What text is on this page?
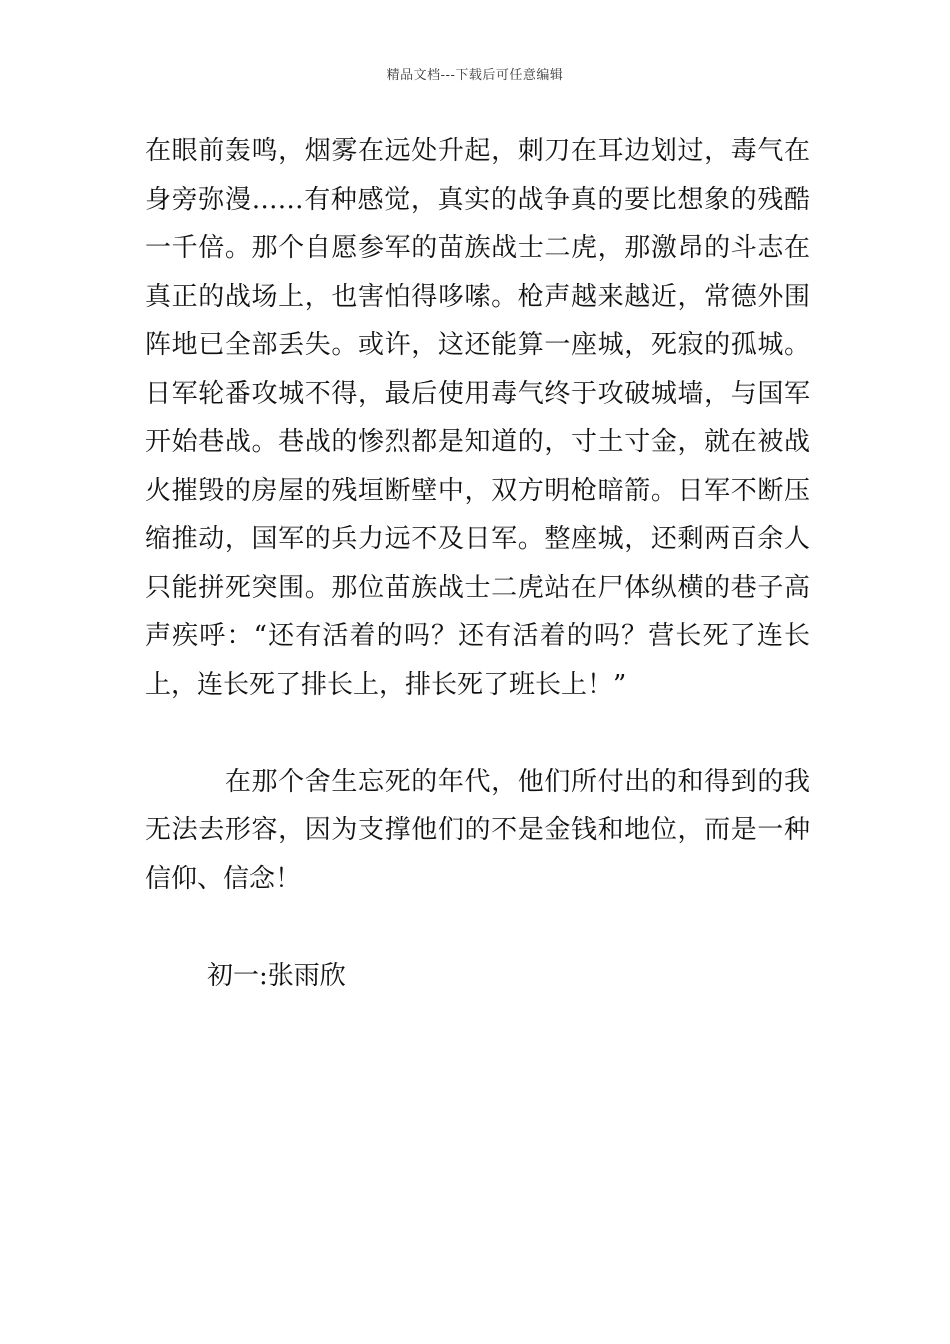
精品文档---下载后可任意编辑
在眼前轰鸣，烟雾在远处升起，刺刀在耳边划过，毒气在
身旁弥漫……有种感觉，真实的战争真的要比想象的残酷
一千倍。那个自愿参军的苗族战士二虎，那激昂的斗志在
真正的战场上，也害怕得哆嗦。枪声越来越近，常德外围
阵地已全部丢失。或许，这还能算一座城，死寂的孤城。
日军轮番攻城不得，最后使用毒气终于攻破城墙，与国军
开始巷战。巷战的惨烈都是知道的，寸土寸金，就在被战
火摧毁的房屋的残垣断壁中，双方明枪暗箭。日军不断压
缩推动，国军的兵力远不及日军。整座城，还剩两百余人
只能拼死突围。那位苗族战士二虎站在尸体纵横的巷子高
声疾呼：“还有活着的吗？还有活着的吗？营长死了连长
上，连长死了排长上，排长死了班长上！”
　　　在那个舍生忘死的年代，他们所付出的和得到的我
无法去形容，因为支撑他们的不是金钱和地位，而是一种
信仰、信念！
初一:张雨欣
